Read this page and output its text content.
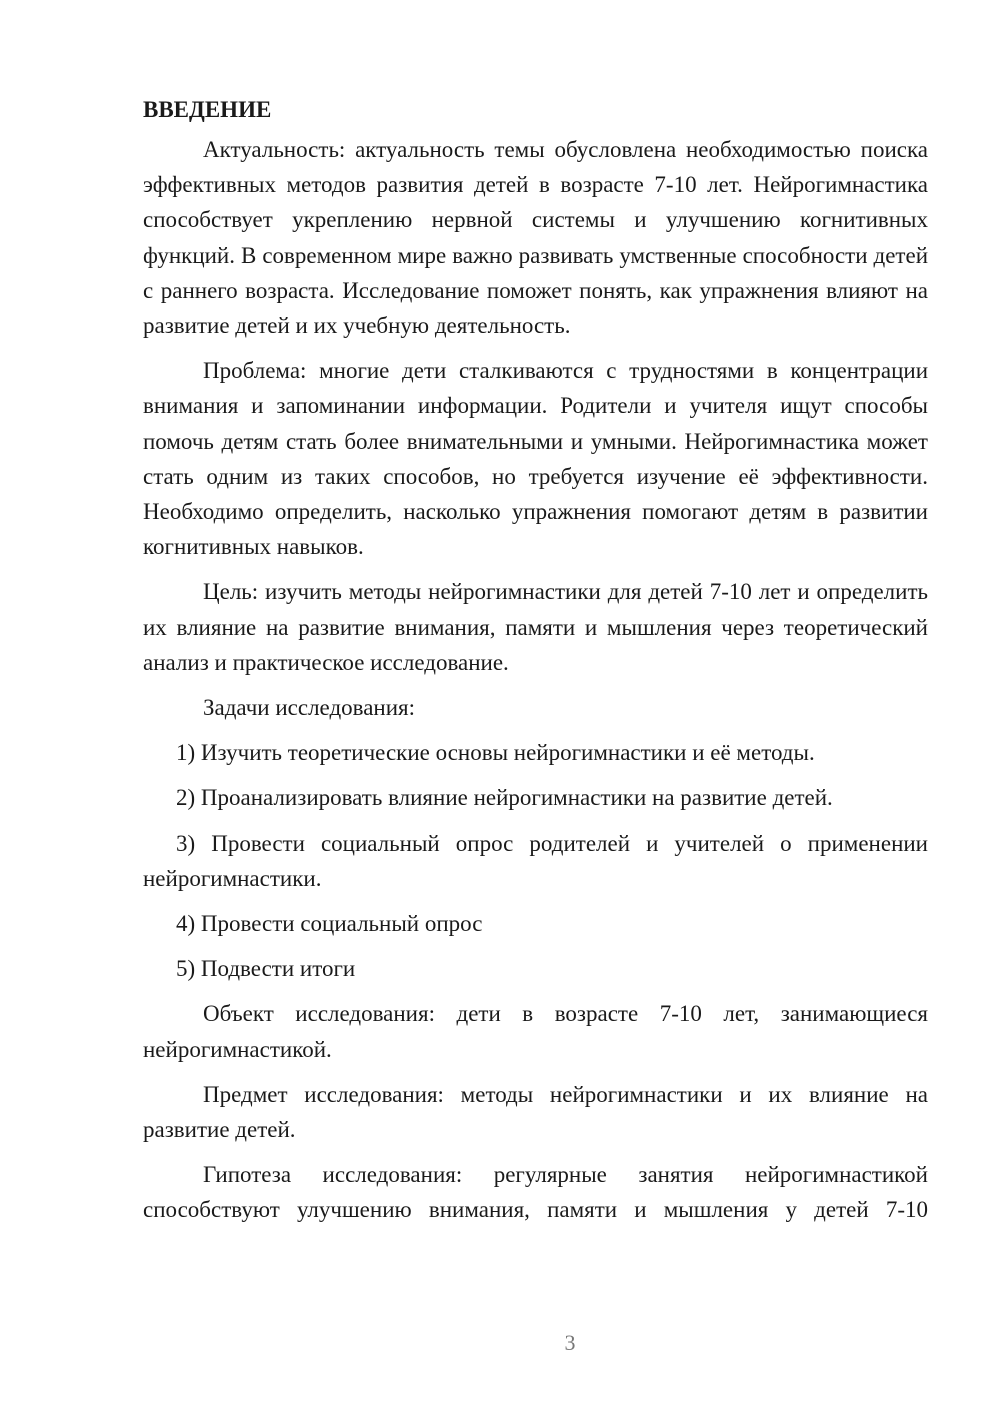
ВВЕДЕНИЕ

Актуальность: актуальность темы обусловлена необходимостью поиска эффективных методов развития детей в возрасте 7-10 лет. Нейрогимнастика способствует укреплению нервной системы и улучшению когнитивных функций. В современном мире важно развивать умственные способности детей с раннего возраста. Исследование поможет понять, как упражнения влияют на развитие детей и их учебную деятельность.

Проблема: многие дети сталкиваются с трудностями в концентрации внимания и запоминании информации. Родители и учителя ищут способы помочь детям стать более внимательными и умными. Нейрогимнастика может стать одним из таких способов, но требуется изучение её эффективности. Необходимо определить, насколько упражнения помогают детям в развитии когнитивных навыков.

Цель: изучить методы нейрогимнастики для детей 7-10 лет и определить их влияние на развитие внимания, памяти и мышления через теоретический анализ и практическое исследование.

Задачи исследования:

1) Изучить теоретические основы нейрогимнастики и её методы.

2) Проанализировать влияние нейрогимнастики на развитие детей.

3) Провести социальный опрос родителей и учителей о применении нейрогимнастики.

4) Провести социальный опрос

5) Подвести итоги

Объект исследования: дети в возрасте 7-10 лет, занимающиеся нейрогимнастикой.

Предмет исследования: методы нейрогимнастики и их влияние на развитие детей.

Гипотеза исследования: регулярные занятия нейрогимнастикой способствуют улучшению внимания, памяти и мышления у детей 7-10

3
